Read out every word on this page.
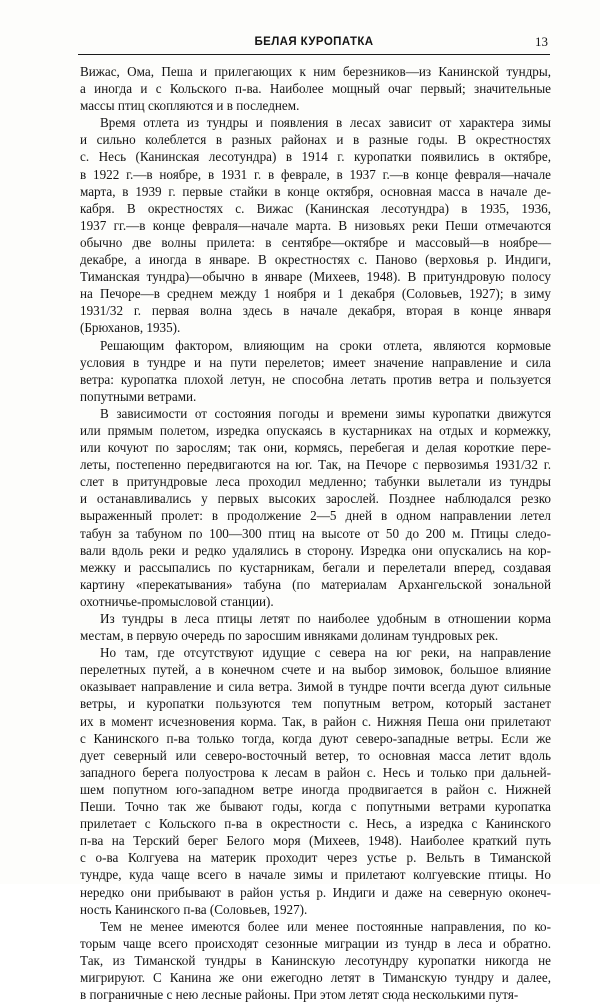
БЕЛАЯ КУРОПАТКА	13

Вижас, Ома, Пеша и прилегающих к ним березников—из Канинской тундры,
а иногда и с Кольского п-ва. Наиболее мощный очаг первый; значительные
массы птиц скопляются и в последнем.

Время отлета из тундры и появления в лесах зависит от характера зимы
и сильно колеблется в разных районах и в разные годы. В окрестностях
с. Несь (Канинская лесотундра) в 1914 г. куропатки появились в октябре,
в 1922 г.—в ноябре, в 1931 г. в феврале, в 1937 г.—в конце февраля—начале
марта, в 1939 г. первые стайки в конце октября, основная масса в начале де-
кабря. В окрестностях с. Вижас (Канинская лесотундра) в 1935, 1936,
1937 гг.—в конце февраля—начале марта. В низовьях реки Пеши отмечаются
обычно две волны прилета: в сентябре—октябре и массовый—в ноябре—
декабре, а иногда в январе. В окрестностях с. Паново (верховья р. Индиги,
Тиманская тундра)—обычно в январе (Михеев, 1948). В притундровую полосу
на Печоре—в среднем между 1 ноября и 1 декабря (Соловьев, 1927); в зиму
1931/32 г. первая волна здесь в начале декабря, вторая в конце января
(Брюханов, 1935).

Решающим фактором, влияющим на сроки отлета, являются кормовые
условия в тундре и на пути перелетов; имеет значение направление и сила
ветра: куропатка плохой летун, не способна летать против ветра и пользуется
попутными ветрами.

В зависимости от состояния погоды и времени зимы куропатки движутся
или прямым полетом, изредка опускаясь в кустарниках на отдых и кормежку,
или кочуют по зарослям; так они, кормясь, перебегая и делая короткие пере-
леты, постепенно передвигаются на юг. Так, на Печоре с первозимья 1931/32 г.
слет в притундровые леса проходил медленно; табунки вылетали из тундры
и останавливались у первых высоких зарослей. Позднее наблюдался резко
выраженный пролет: в продолжение 2—5 дней в одном направлении летел
табун за табуном по 100—300 птиц на высоте от 50 до 200 м. Птицы следо-
вали вдоль реки и редко удалялись в сторону. Изредка они опускались на кор-
межку и рассыпались по кустарникам, бегали и перелетали вперед, создавая
картину «перекатывания» табуна (по материалам Архангельской зональной
охотничье-промысловой станции).

Из тундры в леса птицы летят по наиболее удобным в отношении корма
местам, в первую очередь по заросшим ивняками долинам тундровых рек.

Но там, где отсутствуют идущие с севера на юг реки, на направление
перелетных путей, а в конечном счете и на выбор зимовок, большое влияние
оказывает направление и сила ветра. Зимой в тундре почти всегда дуют сильные
ветры, и куропатки пользуются тем попутным ветром, который застанет
их в момент исчезновения корма. Так, в район с. Нижняя Пеша они прилетают
с Канинского п-ва только тогда, когда дуют северо-западные ветры. Если же
дует северный или северо-восточный ветер, то основная масса летит вдоль
западного берега полуострова к лесам в район с. Несь и только при дальней-
шем попутном юго-западном ветре иногда продвигается в район с. Нижней
Пеши. Точно так же бывают годы, когда с попутными ветрами куропатка
прилетает с Кольского п-ва в окрестности с. Несь, а изредка с Канинского
п-ва на Терский берег Белого моря (Михеев, 1948). Наиболее краткий путь
с о-ва Колгуева на материк проходит через устье р. Вельть в Тиманской
тундре, куда чаще всего в начале зимы и прилетают колгуевские птицы. Но
нередко они прибывают в район устья р. Индиги и даже на северную оконеч-
ность Канинского п-ва (Соловьев, 1927).

Тем не менее имеются более или менее постоянные направления, по ко-
торым чаще всего происходят сезонные миграции из тундр в леса и обратно.
Так, из Тиманской тундры в Канинскую лесотундру куропатки никогда не
мигрируют. С Канина же они ежегодно летят в Тиманскую тундру и далее,
в пограничные с нею лесные районы. При этом летят сюда несколькими путя-
